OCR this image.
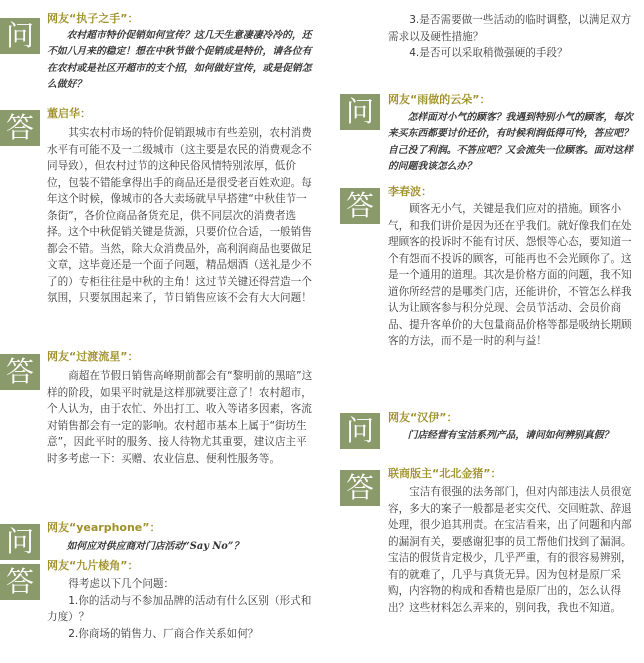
问
网友“执子之手”：
农村超市特价促销如何宣传？这几天生意凄凄冷冷的，还不如八月来的稳定！想在中秋节做个促销成是特价，请各位有在农村或是社区开超市的支个招，如何做好宣传，或是促销怎么做好？
答	董启华：
其实农村市场的特价促销跟城市有些差别，农村消费水平有可能不及一二级城市（这主要是农民的消费观念不同导致），但农村过节的这种民俗风情特别浓厚，低价位，包装不错能拿得出手的商品还是很受老百姓欢迎。每年这个时候，像城市的各大卖场就早早搭建“中秋佳节一条街”，各价位商品备货充足，供不同层次的消费者选择。这个中秋促销关键是货源，只要价位合适，一般销售都会不错。当然，除大众消费品外，高利润商品也要做足文章，这毕竟还是一个面子问题，精品烟酒（送礼是少不了的）专柜往往是中秋的主角！这过节关键还得营造一个氛围，只要氛围起来了，节日销售应该不会有大大问题！
答	网友“过渡流星”：
商超在节假日销售高峰期前都会有“黎明前的黑暗”这样的阶段，如果平时就是这样那就要注意了！农村超市，个人认为，由于农忙、外出打工、收入等诸多因素，客流对销售都会有一定的影响。农村超市基本上属于“街坊生意”，因此平时的服务、接人待物尤其重要，建议店主平时多考虑一下：买赠、农业信息、便利性服务等。
问	网友“yearphone”：
如何应对供应商对门店活动“Say No”？
答	网友“九片棱角”：
得考虑以下几个问题：
1.你的活动与不参加品牌的活动有什么区别（形式和力度）？
2.你商场的销售力、厂商合作关系如何？
3.是否需要做一些活动的临时调整，以满足双方需求以及硬性措施？
4.是否可以采取稍微强硬的手段？
问	网友“雨做的云朵”：
怎样面对小气的顾客？我遇到特别小气的顾客，每次来买东西都要讨价还价，有时候利润低得可怜，答应吧？自己没了利润。不答应吧？又会流失一位顾客。面对这样的问题我该怎么办？
答	李春波：
顾客无小气，关键是我们应对的措施。顾客小气，和我们讲价是因为还在乎我们。就好像我们在处理顾客的投诉时不能有讨厌、怨恨等心态，要知道一个有怨而不投诉的顾客，可能再也不会光顾你了。这是一个通用的道理。其次是价格方面的问题，我不知道你所经营的是哪类门店，还能讲价，不管怎么样我认为让顾客参与积分兑现、会员节活动、会员价商品、提升客单价的大包量商品价格等都是吸纳长期顾客的方法，而不是一时的利与益！
问	网友“汉伊”：
门店经营有宝洁系列产品，请问如何辨别真假？
答	联商版主“北北金猪”：
宝洁有很强的法务部门，但对内部违法人员很宽容，多大的案子一般都是老实交代、交回赃款、辞退处理，很少追其刑责。在宝洁看来，出了问题和内部的漏洞有关，要感谢犯事的员工帮他们找到了漏洞。宝洁的假货肯定极少，几乎严重，有的很容易辨别，有的就难了，几乎与真货无异。因为包材是原厂采购，内容物的构成和香精也是原厂出的，怎么认得出？这些材料怎么弄来的，别问我，我也不知道。
